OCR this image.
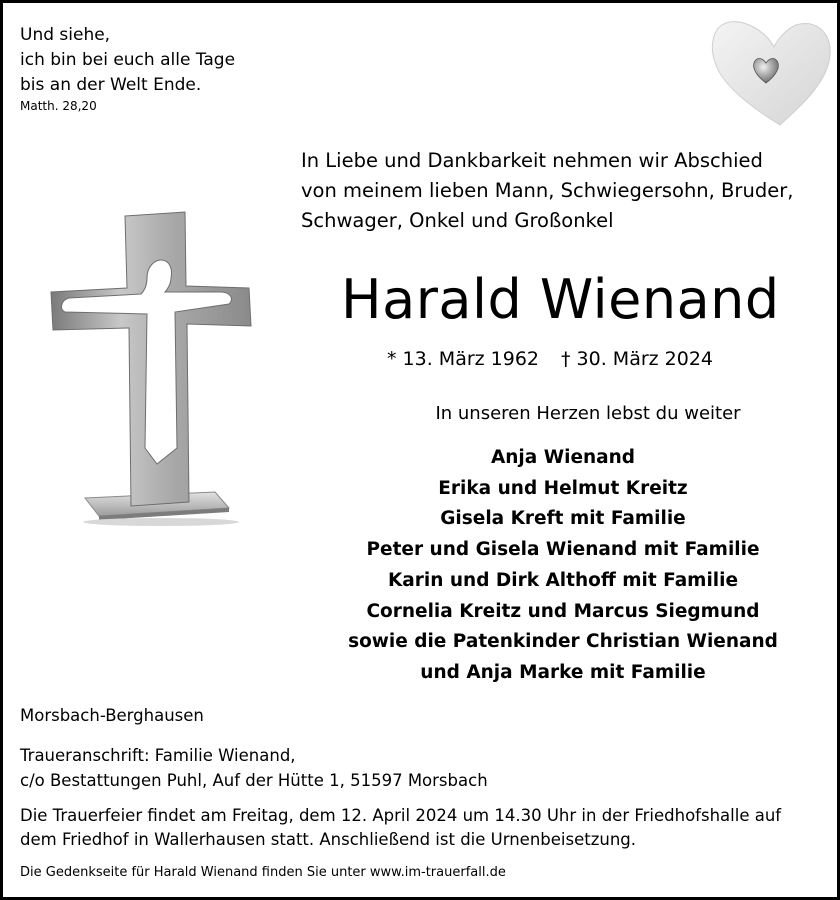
Und siehe,
ich bin bei euch alle Tage
bis an der Welt Ende.
Matth. 28,20
In Liebe und Dankbarkeit nehmen wir Abschied
von meinem lieben Mann, Schwiegersohn, Bruder,
Schwager, Onkel und Großonkel
Harald Wienand
* 13. März 1962 † 30. März 2024
In unseren Herzen lebst du weiter
Anja Wienand
Erika und Helmut Kreitz
Gisela Kreft mit Familie
Peter und Gisela Wienand mit Familie
Karin und Dirk Althoff mit Familie
Cornelia Kreitz und Marcus Siegmund
sowie die Patenkinder Christian Wienand
und Anja Marke mit Familie
Morsbach-Berghausen
Traueranschrift: Familie Wienand,
c/o Bestattungen Puhl, Auf der Hütte 1, 51597 Morsbach
Die Trauerfeier findet am Freitag, dem 12. April 2024 um 14.30 Uhr in der Friedhofshalle auf
dem Friedhof in Wallerhausen statt. Anschließend ist die Urnenbeisetzung.
Die Gedenkseite für Harald Wienand finden Sie unter www.im-trauerfall.de
